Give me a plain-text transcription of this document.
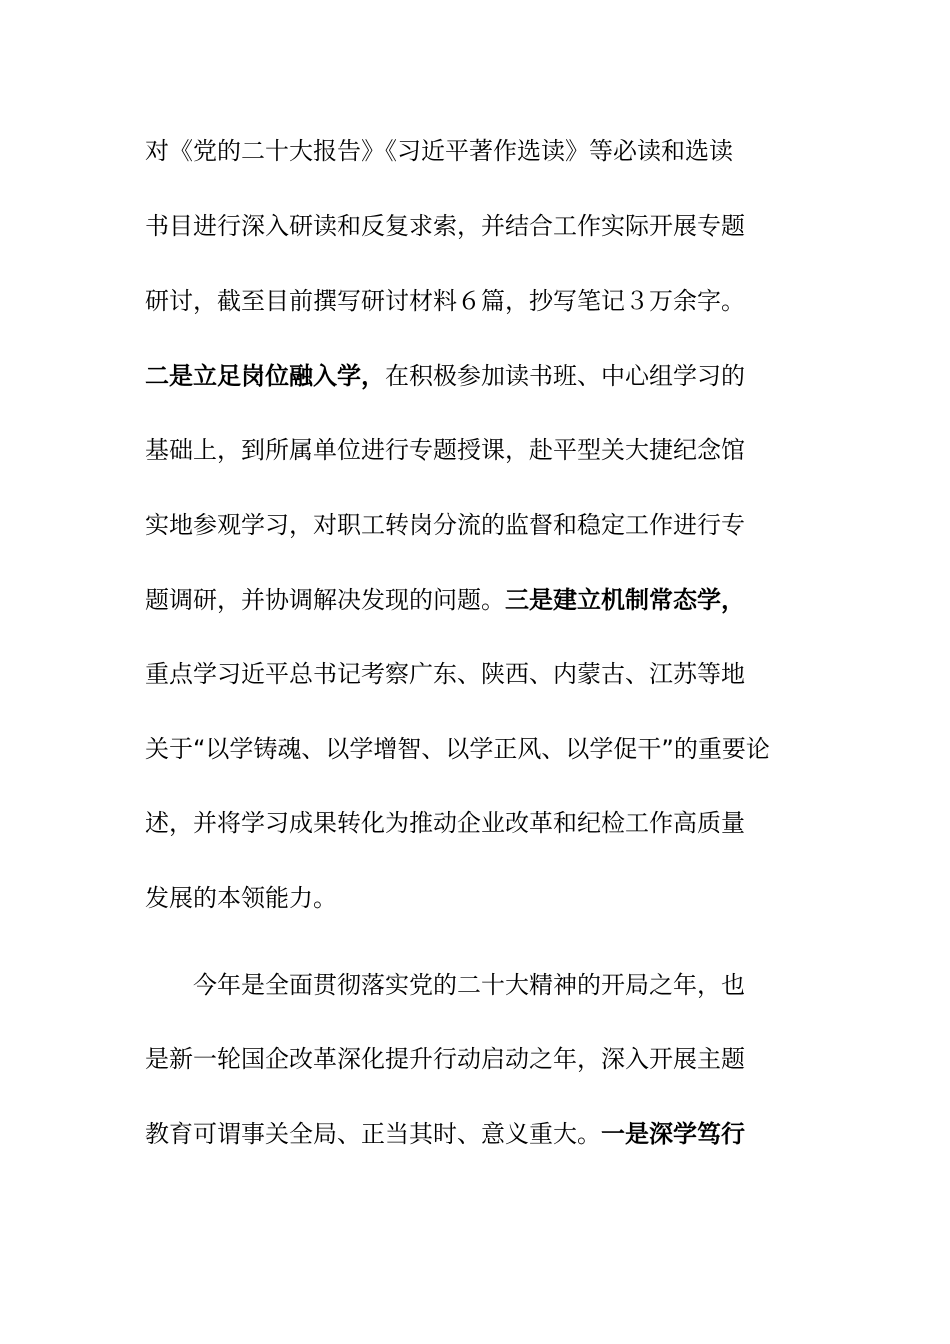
对《党的二十大报告》《习近平著作选读》等必读和选读
书目进行深入研读和反复求索，并结合工作实际开展专题
研讨，截至目前撰写研讨材料６篇，抄写笔记３万余字。
二是立足岗位融入学，在积极参加读书班、中心组学习的
基础上，到所属单位进行专题授课，赴平型关大捷纪念馆
实地参观学习，对职工转岗分流的监督和稳定工作进行专
题调研，并协调解决发现的问题。三是建立机制常态学，
重点学习近平总书记考察广东、陕西、内蒙古、江苏等地
关于“以学铸魂、以学增智、以学正风、以学促干”的重要论
述，并将学习成果转化为推动企业改革和纪检工作高质量
发展的本领能力。
今年是全面贯彻落实党的二十大精神的开局之年，也
是新一轮国企改革深化提升行动启动之年，深入开展主题
教育可谓事关全局、正当其时、意义重大。一是深学笃行
